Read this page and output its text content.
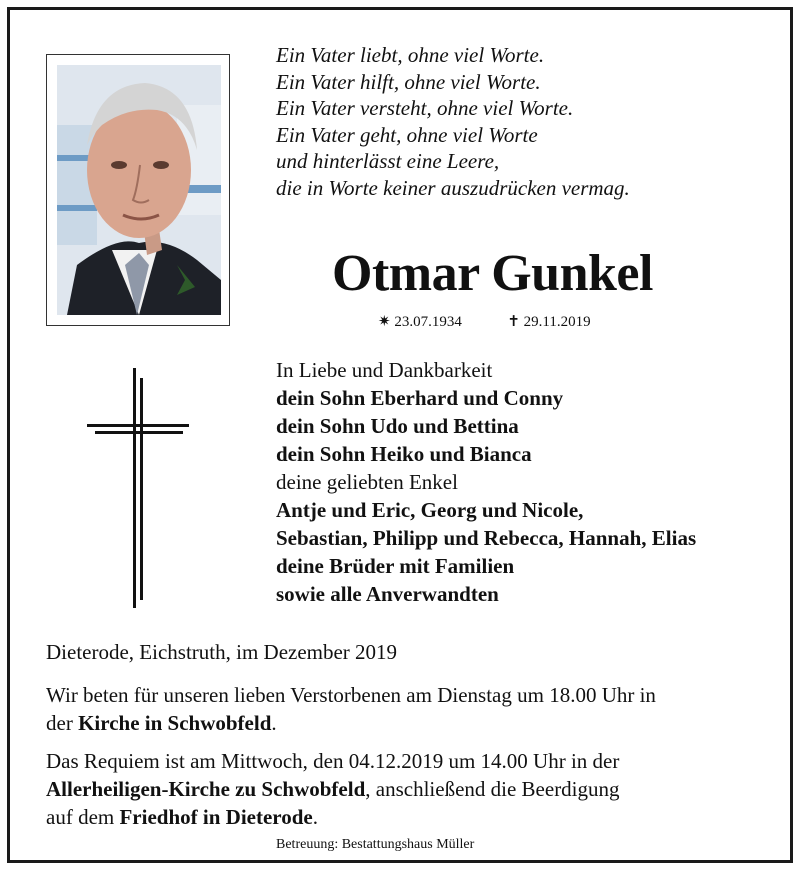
Ein Vater liebt, ohne viel Worte.
Ein Vater hilft, ohne viel Worte.
Ein Vater versteht, ohne viel Worte.
Ein Vater geht, ohne viel Worte
und hinterlässt eine Leere,
die in Worte keiner auszudrücken vermag.
Otmar Gunkel
✷ 23.07.1934	✝ 29.11.2019
In Liebe und Dankbarkeit
dein Sohn Eberhard und Conny
dein Sohn Udo und Bettina
dein Sohn Heiko und Bianca
deine geliebten Enkel
Antje und Eric, Georg und Nicole,
Sebastian, Philipp und Rebecca, Hannah, Elias
deine Brüder mit Familien
sowie alle Anverwandten
Dieterode, Eichstruth, im Dezember 2019
Wir beten für unseren lieben Verstorbenen am Dienstag um 18.00 Uhr in
der Kirche in Schwobfeld.
Das Requiem ist am Mittwoch, den 04.12.2019 um 14.00 Uhr in der
Allerheiligen-Kirche zu Schwobfeld, anschließend die Beerdigung
auf dem Friedhof in Dieterode.
Betreuung: Bestattungshaus Müller
